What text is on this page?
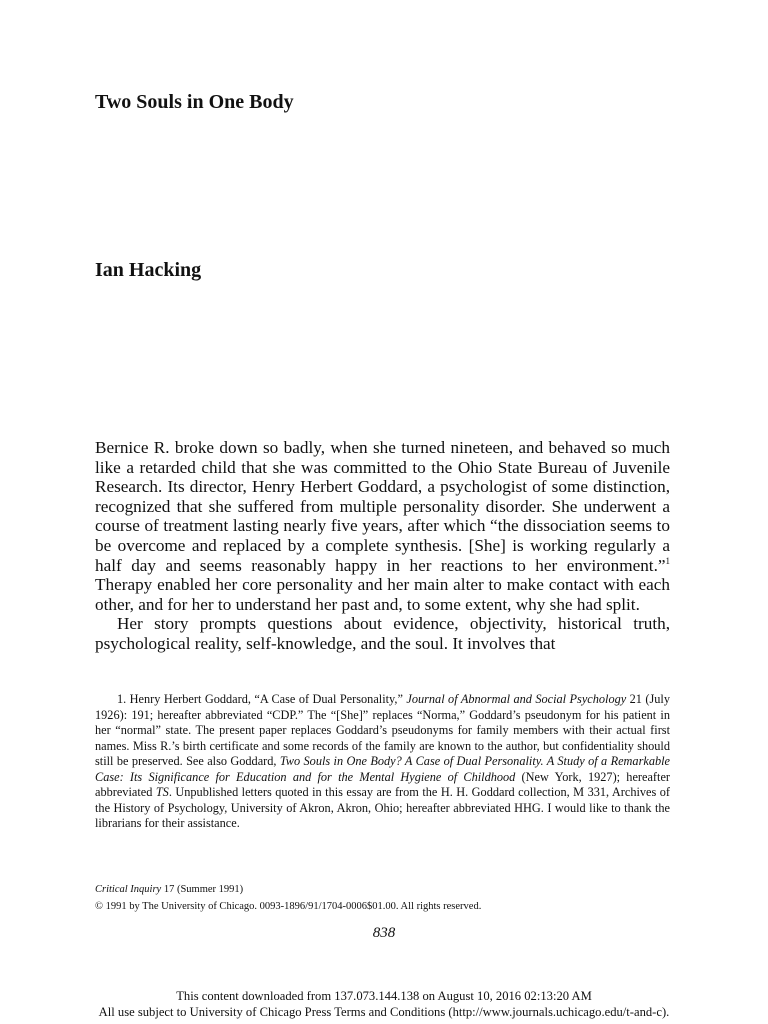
Two Souls in One Body
Ian Hacking

Bernice R. broke down so badly, when she turned nineteen, and behaved so much like a retarded child that she was committed to the Ohio State Bureau of Juvenile Research. Its director, Henry Herbert Goddard, a psychologist of some distinction, recognized that she suffered from multiple personality disorder. She underwent a course of treatment lasting nearly five years, after which “the dissociation seems to be overcome and replaced by a complete synthesis. [She] is working regularly a half day and seems reasonably happy in her reactions to her environment.”$^1$ Therapy enabled her core personality and her main alter to make contact with each other, and for her to understand her past and, to some extent, why she had split.

Her story prompts questions about evidence, objectivity, historical truth, psychological reality, self-knowledge, and the soul. It involves that

1. Henry Herbert Goddard, “A Case of Dual Personality,” Journal of Abnormal and Social Psychology 21 (July 1926): 191; hereafter abbreviated “CDP.” The “[She]” replaces “Norma,” Goddard’s pseudonym for his patient in her “normal” state. The present paper replaces Goddard’s pseudonyms for family members with their actual first names. Miss R.’s birth certificate and some records of the family are known to the author, but confidentiality should still be preserved. See also Goddard, Two Souls in One Body? A Case of Dual Personality. A Study of a Remarkable Case: Its Significance for Education and for the Mental Hygiene of Childhood (New York, 1927); hereafter abbreviated TS. Unpublished letters quoted in this essay are from the H. H. Goddard collection, M 331, Archives of the History of Psychology, University of Akron, Akron, Ohio; hereafter abbreviated HHG. I would like to thank the librarians for their assistance.
Critical Inquiry 17 (Summer 1991)
© 1991 by The University of Chicago. 0093-1896/91/1704-0006$01.00. All rights reserved.
838
This content downloaded from 137.073.144.138 on August 10, 2016 02:13:20 AM
All use subject to University of Chicago Press Terms and Conditions (http://www.journals.uchicago.edu/t-and-c).
